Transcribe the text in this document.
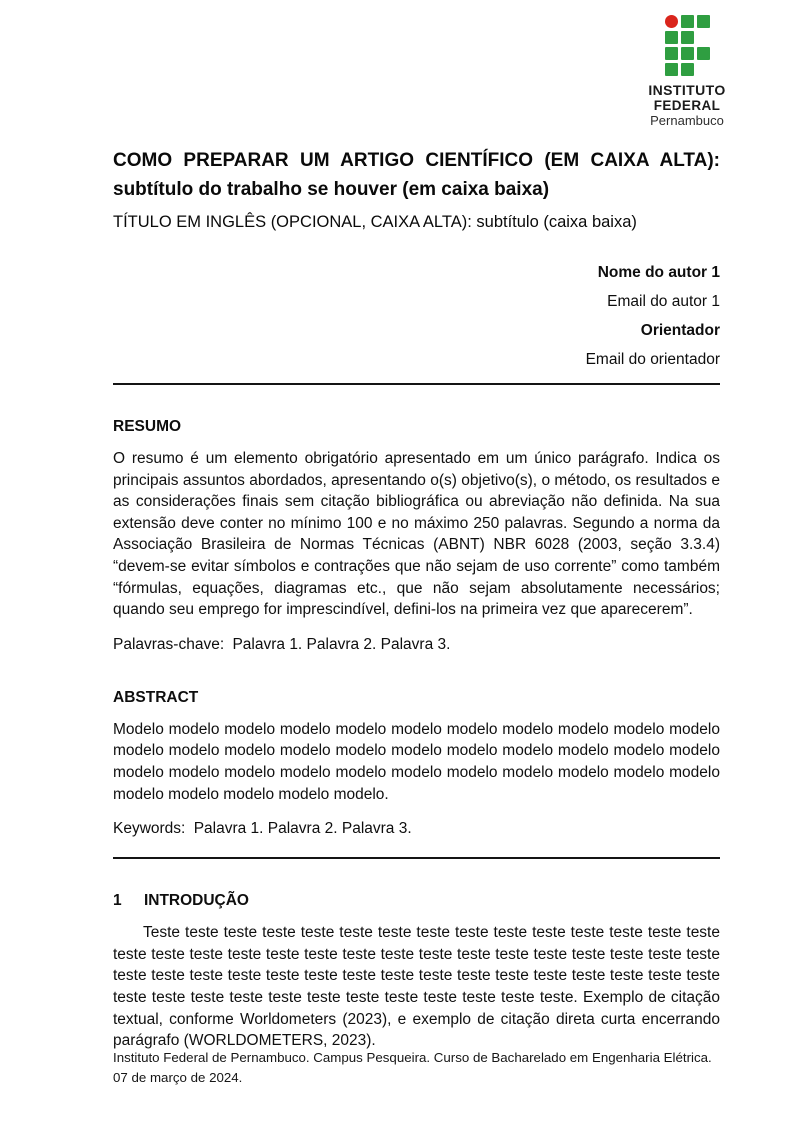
INSTITUTO
FEDERAL
Pernambuco
COMO PREPARAR UM ARTIGO CIENTÍFICO (EM CAIXA ALTA): subtítulo do trabalho se houver (em caixa baixa)
TÍTULO EM INGLÊS (OPCIONAL, CAIXA ALTA): subtítulo (caixa baixa)
Nome do autor 1
Email do autor 1
Orientador
Email do orientador
RESUMO

O resumo é um elemento obrigatório apresentado em um único parágrafo. Indica os principais assuntos abordados, apresentando o(s) objetivo(s), o método, os resultados e as considerações finais sem citação bibliográfica ou abreviação não definida. Na sua extensão deve conter no mínimo 100 e no máximo 250 palavras. Segundo a norma da Associação Brasileira de Normas Técnicas (ABNT) NBR 6028 (2003, seção 3.3.4) “devem-se evitar símbolos e contrações que não sejam de uso corrente” como também “fórmulas, equações, diagramas etc., que não sejam absolutamente necessários; quando seu emprego for imprescindível, defini-los na primeira vez que aparecerem”.

Palavras-chave: Palavra 1. Palavra 2. Palavra 3.
ABSTRACT

Modelo modelo modelo modelo modelo modelo modelo modelo modelo modelo modelo modelo modelo modelo modelo modelo modelo modelo modelo modelo modelo modelo modelo modelo modelo modelo modelo modelo modelo modelo modelo modelo modelo modelo modelo modelo modelo modelo.

Keywords: Palavra 1. Palavra 2. Palavra 3.
1 INTRODUÇÃO

Teste teste teste teste teste teste teste teste teste teste teste teste teste teste teste teste teste teste teste teste teste teste teste teste teste teste teste teste teste teste teste teste teste teste teste teste teste teste teste teste teste teste teste teste teste teste teste teste teste teste teste teste teste teste teste teste teste teste teste. Exemplo de citação textual, conforme Worldometers (2023), e exemplo de citação direta curta encerrando parágrafo (WORLDOMETERS, 2023).

Instituto Federal de Pernambuco. Campus Pesqueira. Curso de Bacharelado em Engenharia Elétrica. 07 de março de 2024.
